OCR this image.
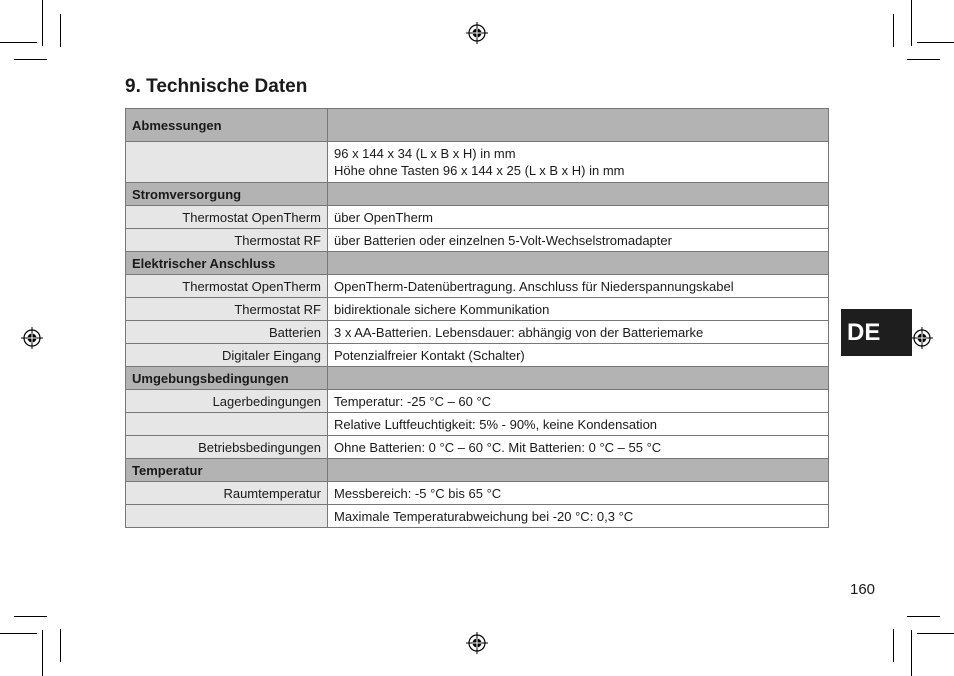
9. Technische Daten
Abmessungen	

	96 x 144 x 34 (L x B x H) in mm
Höhe ohne Tasten 96 x 144 x 25 (L x B x H) in mm

Stromversorgung	
Thermostat OpenTherm	über OpenTherm
Thermostat RF	über Batterien oder einzelnen 5-Volt-Wechselstromadapter
Elektrischer Anschluss	
Thermostat OpenTherm	OpenTherm-Datenübertragung. Anschluss für Niederspannungskabel
Thermostat RF	bidirektionale sichere Kommunikation
Batterien	3 x AA-Batterien. Lebensdauer: abhängig von der Batteriemarke
Digitaler Eingang	Potenzialfreier Kontakt (Schalter)
Umgebungsbedingungen	
Lagerbedingungen	Temperatur: -25 °C – 60 °C
	Relative Luftfeuchtigkeit: 5% - 90%, keine Kondensation
Betriebsbedingungen	Ohne Batterien: 0 °C – 60 °C. Mit Batterien: 0 °C – 55 °C
Temperatur	
Raumtemperatur	Messbereich: -5 °C bis 65 °C
	Maximale Temperaturabweichung bei -20 °C: 0,3 °C
DE
160
